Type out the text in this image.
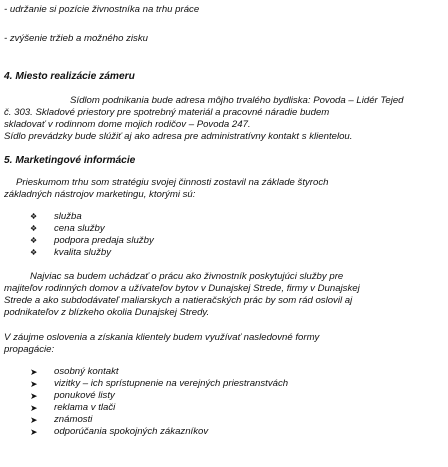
- udržanie si pozície živnostníka na trhu práce
- zvýšenie tržieb a možného zisku
4. Miesto realizácie zámeru
Sídlom podnikania bude adresa môjho trvalého bydliska: Povoda – Lidér Tejed
č. 303. Skladové priestory pre spotrebný materiál a pracovné náradie budem
skladovať v rodinnom dome mojich rodičov – Povoda 247.
Sídlo prevádzky bude slúžiť aj ako adresa pre administratívny kontakt s klientelou.
5. Marketingové informácie
Prieskumom trhu som stratégiu svojej činnosti zostavil na základe štyroch
základných nástrojov marketingu, ktorými sú:
❖	služba
❖	cena služby
❖	podpora predaja služby
❖	kvalita služby
Najviac sa budem uchádzať o prácu ako živnostník poskytujúci služby pre
majiteľov rodinných domov a užívateľov bytov v Dunajskej Strede, firmy v Dunajskej
Strede a ako subdodávateľ maliarskych a natieračských prác by som rád oslovil aj
podnikateľov z blízkeho okolia Dunajskej Stredy.
V záujme oslovenia a získania klientely budem využívať nasledovné formy
propagácie:
➤	osobný kontakt
➤	vizitky – ich sprístupnenie na verejných priestranstvách
➤	ponukové listy
➤	reklama v tlači
➤	známosti
➤	odporúčania spokojných zákazníkov
